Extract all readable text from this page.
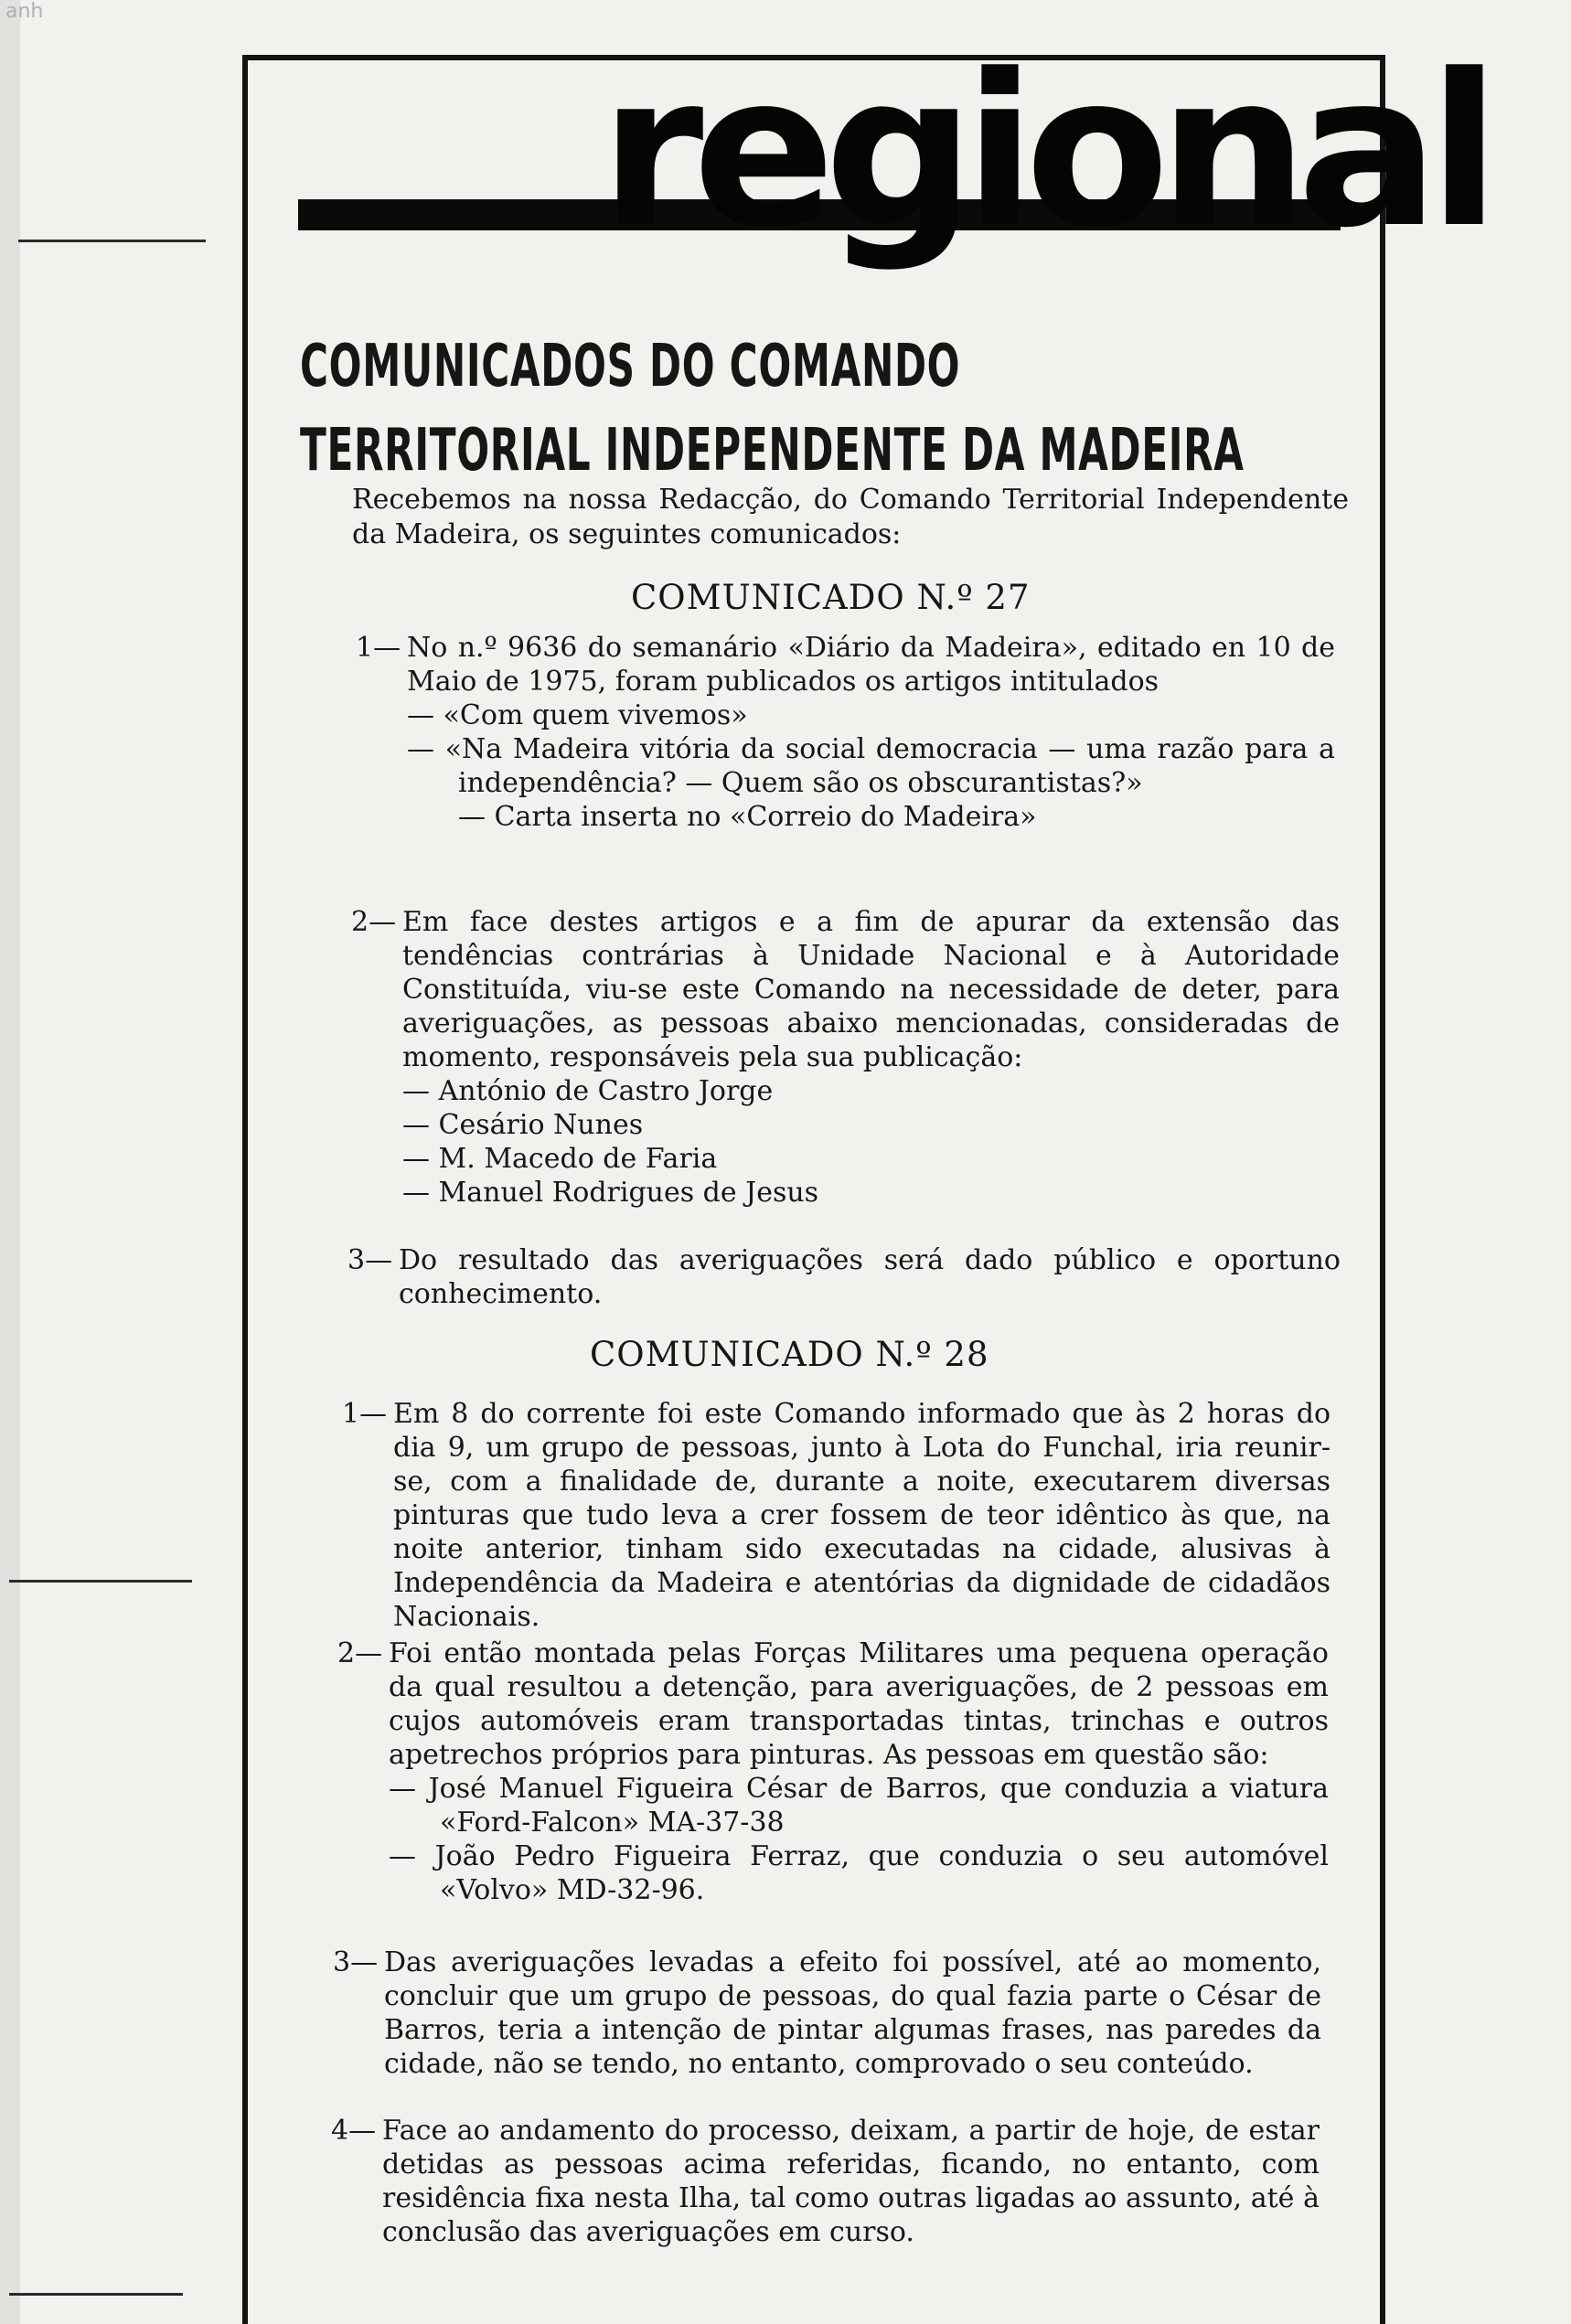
anh
regional
COMUNICADOS DO COMANDO
TERRITORIAL INDEPENDENTE DA MADEIRA
Recebemos na nossa Redacção, do Comando Territorial Independente da Madeira, os seguintes comunicados:
COMUNICADO N.º 27
1— No n.º 9636 do semanário «Diário da Madeira», editado en 10 de Maio de 1975, foram publicados os artigos intitulados
— «Com quem vivemos»
— «Na Madeira vitória da social democracia — uma razão para a independência? — Quem são os obscurantistas?»
— Carta inserta no «Correio do Madeira»
2— Em face destes artigos e a fim de apurar da extensão das tendências contrárias à Unidade Nacional e à Autoridade Constituída, viu-se este Comando na necessidade de deter, para averiguações, as pessoas abaixo mencionadas, consideradas de momento, responsáveis pela sua publicação:
— António de Castro Jorge
— Cesário Nunes
— M. Macedo de Faria
— Manuel Rodrigues de Jesus
3— Do resultado das averiguações será dado público e oportuno conhecimento.
COMUNICADO N.º 28
1— Em 8 do corrente foi este Comando informado que às 2 horas do dia 9, um grupo de pessoas, junto à Lota do Funchal, iria reunir-se, com a finalidade de, durante a noite, executarem diversas pinturas que tudo leva a crer fossem de teor idêntico às que, na noite anterior, tinham sido executadas na cidade, alusivas à Independência da Madeira e atentórias da dignidade de cidadãos Nacionais.
2— Foi então montada pelas Forças Militares uma pequena operação da qual resultou a detenção, para averiguações, de 2 pessoas em cujos automóveis eram transportadas tintas, trinchas e outros apetrechos próprios para pinturas. As pessoas em questão são:
— José Manuel Figueira César de Barros, que conduzia a viatura «Ford-Falcon» MA-37-38
— João Pedro Figueira Ferraz, que conduzia o seu automóvel «Volvo» MD-32-96.
3— Das averiguações levadas a efeito foi possível, até ao momento, concluir que um grupo de pessoas, do qual fazia parte o César de Barros, teria a intenção de pintar algumas frases, nas paredes da cidade, não se tendo, no entanto, comprovado o seu conteúdo.
4— Face ao andamento do processo, deixam, a partir de hoje, de estar detidas as pessoas acima referidas, ficando, no entanto, com residência fixa nesta Ilha, tal como outras ligadas ao assunto, até à conclusão das averiguações em curso.
